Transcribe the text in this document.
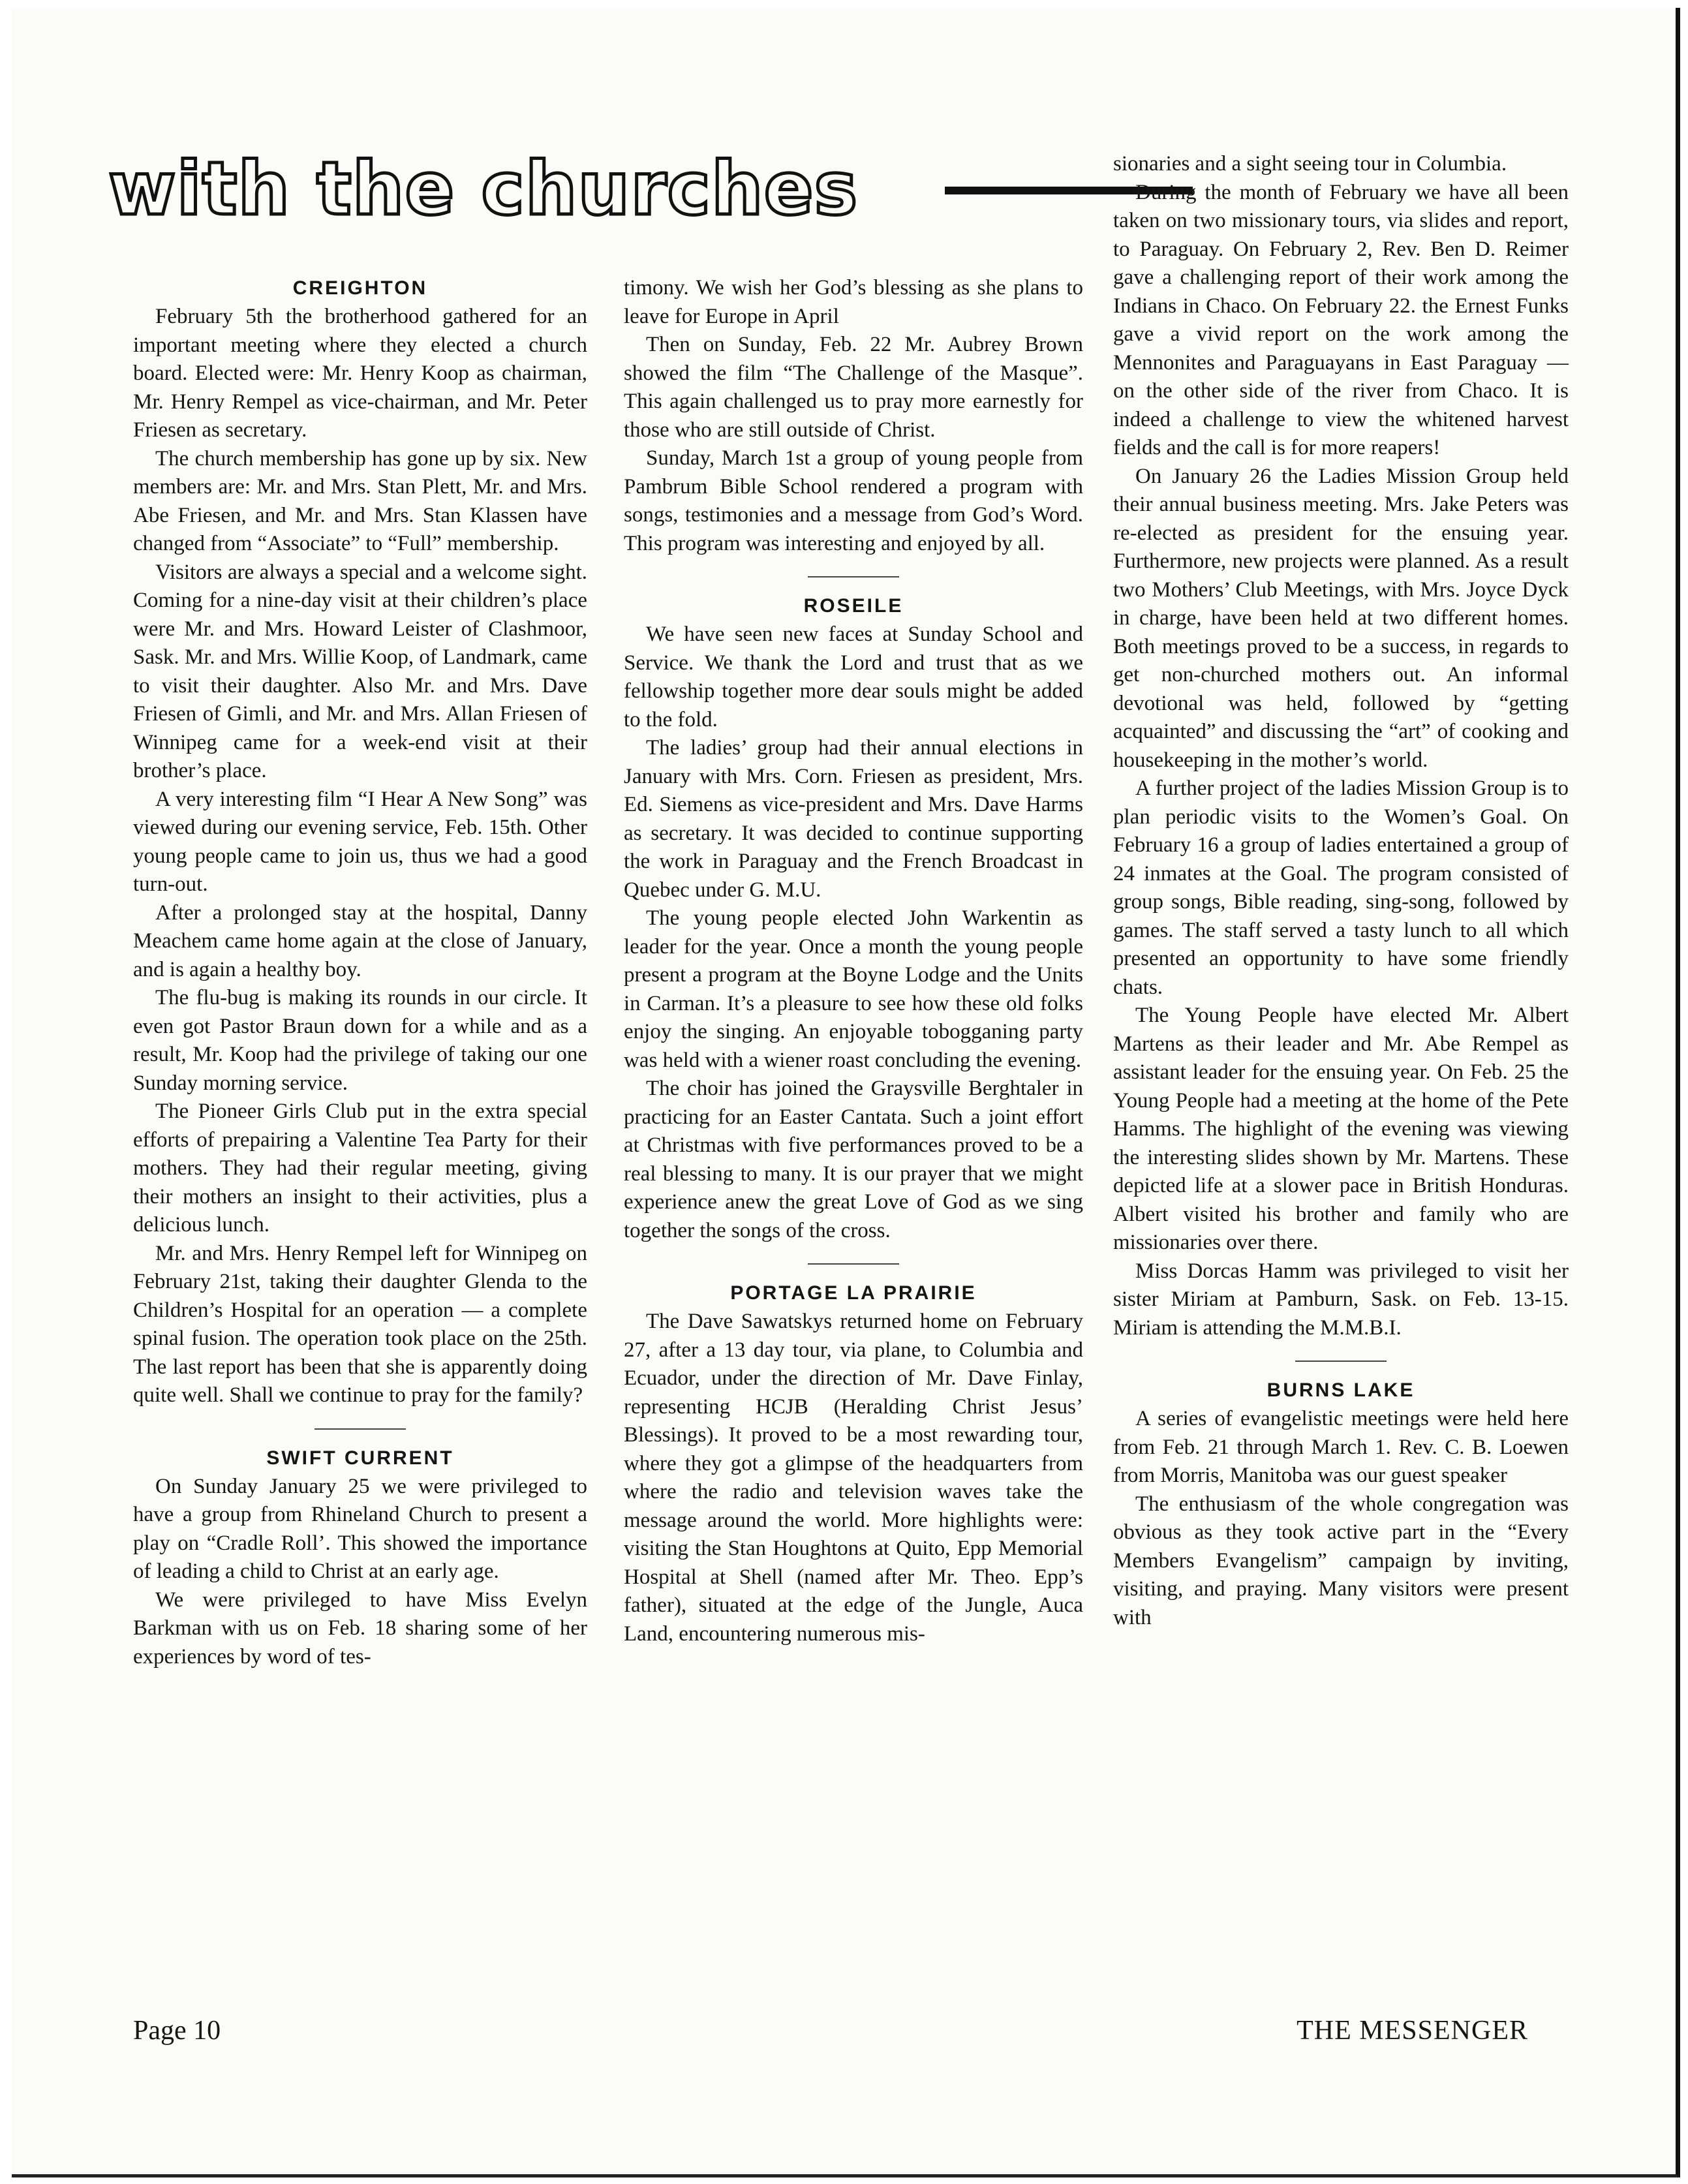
with the churches
CREIGHTON

February 5th the brotherhood gathered for an important meeting where they elected a church board. Elected were: Mr. Henry Koop as chairman, Mr. Henry Rempel as vice-chairman, and Mr. Peter Friesen as secretary.

The church membership has gone up by six. New members are: Mr. and Mrs. Stan Plett, Mr. and Mrs. Abe Friesen, and Mr. and Mrs. Stan Klassen have changed from “Associate” to “Full” membership.

Visitors are always a special and a welcome sight. Coming for a nine-day visit at their children’s place were Mr. and Mrs. Howard Leister of Clashmoor, Sask. Mr. and Mrs. Willie Koop, of Landmark, came to visit their daughter. Also Mr. and Mrs. Dave Friesen of Gimli, and Mr. and Mrs. Allan Friesen of Winnipeg came for a week-end visit at their brother’s place.

A very interesting film “I Hear A New Song” was viewed during our evening service, Feb. 15th. Other young people came to join us, thus we had a good turn-out.

After a prolonged stay at the hospital, Danny Meachem came home again at the close of January, and is again a healthy boy.

The flu-bug is making its rounds in our circle. It even got Pastor Braun down for a while and as a result, Mr. Koop had the privilege of taking our one Sunday morning service.

The Pioneer Girls Club put in the extra special efforts of prepairing a Valentine Tea Party for their mothers. They had their regular meeting, giving their mothers an insight to their activities, plus a delicious lunch.

Mr. and Mrs. Henry Rempel left for Winnipeg on February 21st, taking their daughter Glenda to the Children’s Hospital for an operation — a complete spinal fusion. The operation took place on the 25th. The last report has been that she is apparently doing quite well. Shall we continue to pray for the family?

SWIFT CURRENT

On Sunday January 25 we were privileged to have a group from Rhineland Church to present a play on “Cradle Roll’. This showed the importance of leading a child to Christ at an early age.

We were privileged to have Miss Evelyn Barkman with us on Feb. 18 sharing some of her experiences by word of tes-

timony. We wish her God’s blessing as she plans to leave for Europe in April

Then on Sunday, Feb. 22 Mr. Aubrey Brown showed the film “The Challenge of the Masque”. This again challenged us to pray more earnestly for those who are still outside of Christ.

Sunday, March 1st a group of young people from Pambrum Bible School rendered a program with songs, testimonies and a message from God’s Word. This program was interesting and enjoyed by all.

ROSEILE

We have seen new faces at Sunday School and Service. We thank the Lord and trust that as we fellowship together more dear souls might be added to the fold.

The ladies’ group had their annual elections in January with Mrs. Corn. Friesen as president, Mrs. Ed. Siemens as vice-president and Mrs. Dave Harms as secretary. It was decided to continue supporting the work in Paraguay and the French Broadcast in Quebec under G. M.U.

The young people elected John Warkentin as leader for the year. Once a month the young people present a program at the Boyne Lodge and the Units in Carman. It’s a pleasure to see how these old folks enjoy the singing. An enjoyable tobogganing party was held with a wiener roast concluding the evening.

The choir has joined the Graysville Berghtaler in practicing for an Easter Cantata. Such a joint effort at Christmas with five performances proved to be a real blessing to many. It is our prayer that we might experience anew the great Love of God as we sing together the songs of the cross.

PORTAGE LA PRAIRIE

The Dave Sawatskys returned home on February 27, after a 13 day tour, via plane, to Columbia and Ecuador, under the direction of Mr. Dave Finlay, representing HCJB (Heralding Christ Jesus’ Blessings). It proved to be a most rewarding tour, where they got a glimpse of the headquarters from where the radio and television waves take the message around the world. More highlights were: visiting the Stan Houghtons at Quito, Epp Memorial Hospital at Shell (named after Mr. Theo. Epp’s father), situated at the edge of the Jungle, Auca Land, encountering numerous mis-

sionaries and a sight seeing tour in Columbia.

During the month of February we have all been taken on two missionary tours, via slides and report, to Paraguay. On February 2, Rev. Ben D. Reimer gave a challenging report of their work among the Indians in Chaco. On February 22. the Ernest Funks gave a vivid report on the work among the Mennonites and Paraguayans in East Paraguay — on the other side of the river from Chaco. It is indeed a challenge to view the whitened harvest fields and the call is for more reapers!

On January 26 the Ladies Mission Group held their annual business meeting. Mrs. Jake Peters was re-elected as president for the ensuing year. Furthermore, new projects were planned. As a result two Mothers’ Club Meetings, with Mrs. Joyce Dyck in charge, have been held at two different homes. Both meetings proved to be a success, in regards to get non-churched mothers out. An informal devotional was held, followed by “getting acquainted” and discussing the “art” of cooking and housekeeping in the mother’s world.

A further project of the ladies Mission Group is to plan periodic visits to the Women’s Goal. On February 16 a group of ladies entertained a group of 24 inmates at the Goal. The program consisted of group songs, Bible reading, sing-song, followed by games. The staff served a tasty lunch to all which presented an opportunity to have some friendly chats.

The Young People have elected Mr. Albert Martens as their leader and Mr. Abe Rempel as assistant leader for the ensuing year. On Feb. 25 the Young People had a meeting at the home of the Pete Hamms. The highlight of the evening was viewing the interesting slides shown by Mr. Martens. These depicted life at a slower pace in British Honduras. Albert visited his brother and family who are missionaries over there.

Miss Dorcas Hamm was privileged to visit her sister Miriam at Pamburn, Sask. on Feb. 13-15. Miriam is attending the M.M.B.I.

BURNS LAKE

A series of evangelistic meetings were held here from Feb. 21 through March 1. Rev. C. B. Loewen from Morris, Manitoba was our guest speaker

The enthusiasm of the whole congregation was obvious as they took active part in the “Every Members Evangelism” campaign by inviting, visiting, and praying. Many visitors were present with

Page 10	THE MESSENGER
